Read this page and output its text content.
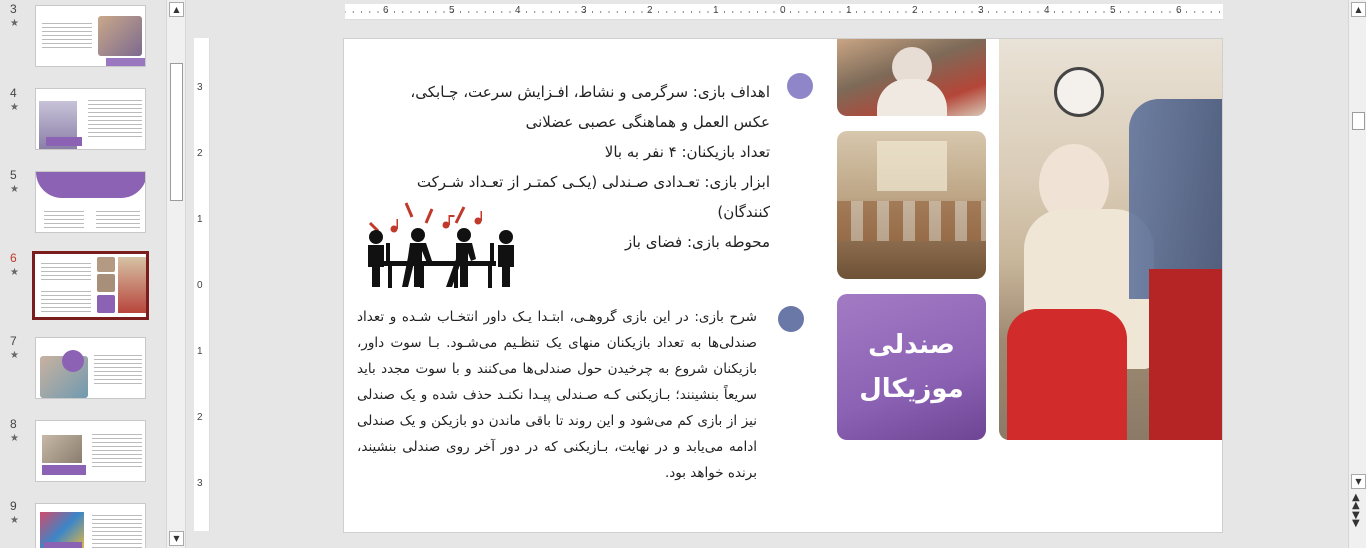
3
★
4
★
5
★
6
★
7
★
8
★
9
★
▲
▼
6	5	4	3	2	1	0	1	2	3	4	5	6
3
2
1
0
1
2
3
اهداف بازی: سرگرمی و نشاط، افـزایش سرعت، چـابکی،
عکس العمل و هماهنگی عصبی عضلانی
تعداد بازیکنان: ۴ نفر به بالا
ابزار بازی: تعـدادی صـندلی (یکـی کمتـر از تعـداد شـرکت
کنندگان)
محوطه بازی: فضای باز
شرح بازی: در این بازی گروهـی، ابتـدا یـک داور انتخـاب شـده و تعداد صندلی‌ها به تعداد بازیکنان منهای یک تنظـیم می‌شـود. بـا سوت داور، بازیکنان شروع به چرخیدن حول صندلی‌ها می‌کنند و با سوت مجدد باید سریعاً بنشینند؛ بـازیکنی کـه صـندلی پیـدا نکنـد حذف شده و یک صندلی نیز از بازی کم می‌شود و این روند تا باقی ماندن دو بازیکن و یک صندلی ادامه می‌یابد و در نهایت، بـازیکنی که در دور آخر روی صندلی بنشیند، برنده خواهد بود.
صندلی
موزیکال
▲
▼
▲
▲
▼
▼
